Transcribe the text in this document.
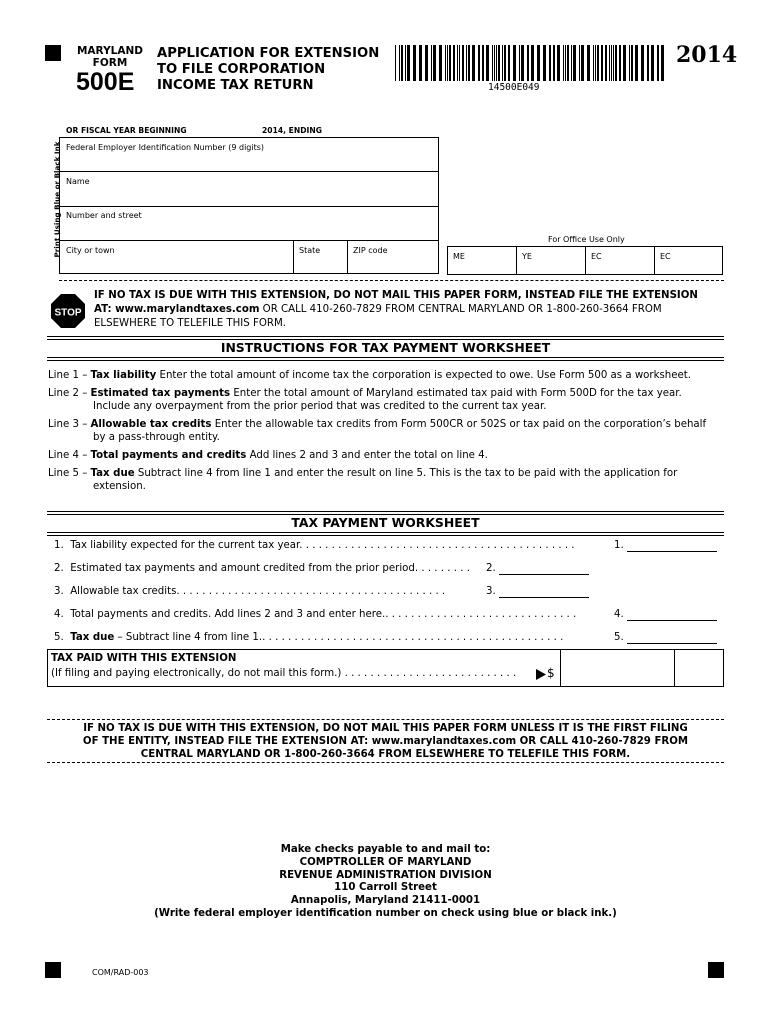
MARYLAND
FORM
500E
APPLICATION FOR EXTENSION
TO FILE CORPORATION
INCOME TAX RETURN	14500E049
2014
OR FISCAL YEAR BEGINNING	2014, ENDING
Print Using Blue or Black Ink Federal Employer Identification Number (9 digits)
Name
Number and street
City or town	State	ZIP code
For Office Use Only
ME	YE	EC	EC
STOP
IF NO TAX IS DUE WITH THIS EXTENSION, DO NOT MAIL THIS PAPER FORM, INSTEAD FILE THE EXTENSION
AT: www.marylandtaxes.com OR CALL 410-260-7829 FROM CENTRAL MARYLAND OR 1-800-260-3664 FROM
ELSEWHERE TO TELEFILE THIS FORM.
INSTRUCTIONS FOR TAX PAYMENT WORKSHEET
Line 1 – Tax liability Enter the total amount of income tax the corporation is expected to owe. Use Form 500 as a worksheet.
Line 2 – Estimated tax payments Enter the total amount of Maryland estimated tax paid with Form 500D for the tax year.
Include any overpayment from the prior period that was credited to the current tax year.
Line 3 – Allowable tax credits Enter the allowable tax credits from Form 500CR or 502S or tax paid on the corporation’s behalf
by a pass-through entity.
Line 4 – Total payments and credits Add lines 2 and 3 and enter the total on line 4.
Line 5 – Tax due Subtract line 4 from line 1 and enter the result on line 5. This is the tax to be paid with the application for
extension.
TAX PAYMENT WORKSHEET
1.  Tax liability expected for the current tax year. . . . . . . . . . . . . . . . . . . . . . . . . . . . . . . . . . . . . . . . . . .	1.
2.  Estimated tax payments and amount credited from the prior period. . . . . . . . . 2.
3.  Allowable tax credits. . . . . . . . . . . . . . . . . . . . . . . . . . . . . . . . . . . . . . . . . .	3.
4.  Total payments and credits. Add lines 2 and 3 and enter here.. . . . . . . . . . . . . . . . . . . . . . . . . . . . . .	4.
5.  Tax due – Subtract line 4 from line 1.. . . . . . . . . . . . . . . . . . . . . . . . . . . . . . . . . . . . . . . . . . . . . . .	5.
TAX PAID WITH THIS EXTENSION
(If filing and paying electronically, do not mail this form.) . . . . . . . . . . . . . . . . . . . . . . . . . . .	$
IF NO TAX IS DUE WITH THIS EXTENSION, DO NOT MAIL THIS PAPER FORM UNLESS IT IS THE FIRST FILING
OF THE ENTITY, INSTEAD FILE THE EXTENSION AT: www.marylandtaxes.com OR CALL 410-260-7829 FROM
CENTRAL MARYLAND OR 1-800-260-3664 FROM ELSEWHERE TO TELEFILE THIS FORM.
Make checks payable to and mail to:
COMPTROLLER OF MARYLAND
REVENUE ADMINISTRATION DIVISION
110 Carroll Street
Annapolis, Maryland 21411-0001
(Write federal employer identification number on check using blue or black ink.)
COM/RAD-003
